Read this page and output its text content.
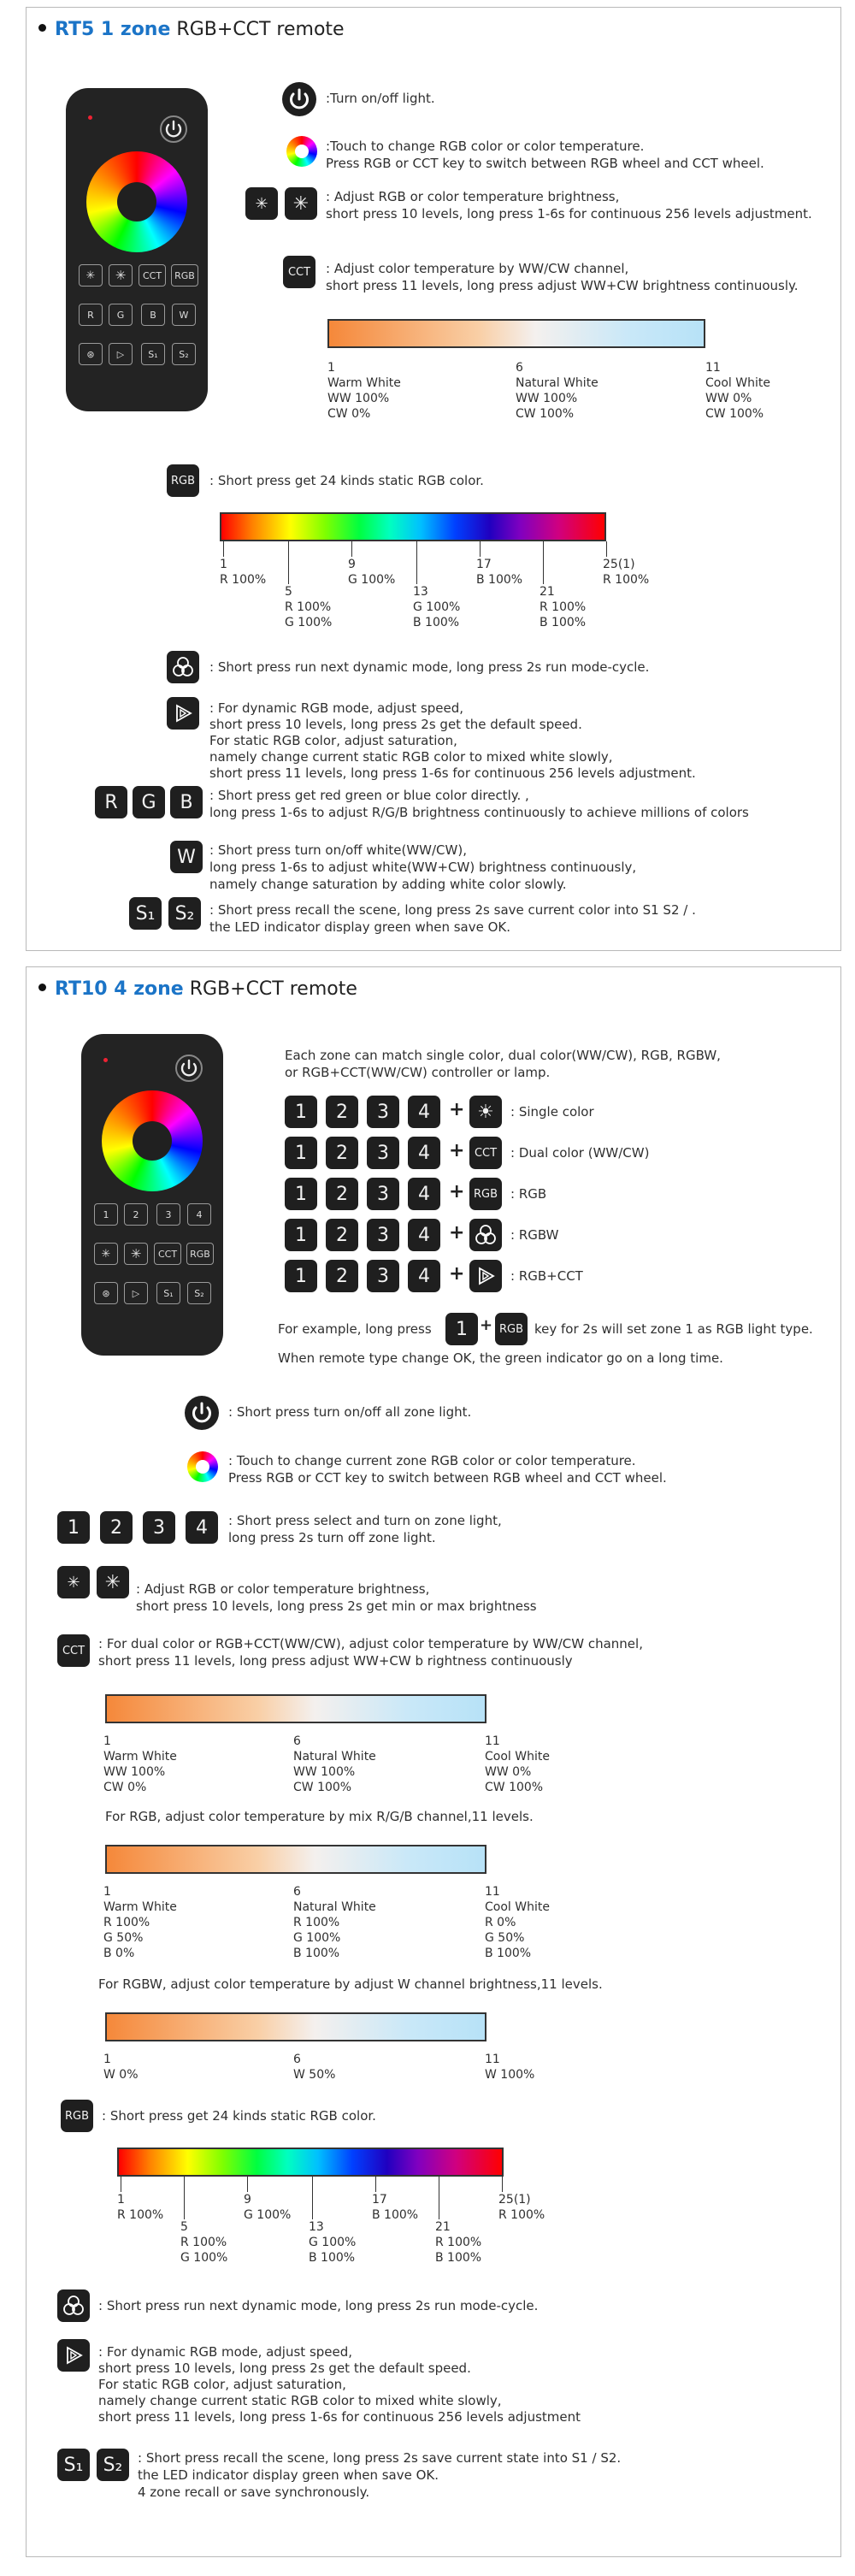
RT5 1 zone RGB+CCT remote
✳	✳	CCT	RGB
R	G	B	W
⊛	▷	S₁	S₂
:Turn on/off light.
:Touch to change RGB color or color temperature.
Press RGB or CCT key to switch between RGB wheel and CCT wheel.
✳	✳	: Adjust RGB or color temperature brightness,
short press 10 levels, long press 1-6s for continuous 256 levels adjustment.
CCT	: Adjust color temperature by WW/CW channel,
short press 11 levels, long press adjust WW+CW brightness continuously.
1
Warm White
WW 100%
CW 0%
6
Natural White
WW 100%
CW 100%
11
Cool White
WW 0%
CW 100%
RGB	: Short press get 24 kinds static RGB color.
1
R 100%
9
G 100%
17
B 100%
25(1)
R 100%
5
R 100%
G 100%
13
G 100%
B 100%
21
R 100%
B 100%
: Short press run next dynamic mode, long press 2s run mode-cycle.
: For dynamic RGB mode, adjust speed,
short press 10 levels, long press 2s get the default speed.
For static RGB color, adjust saturation,
namely change current static RGB color to mixed white slowly,
short press 11 levels, long press 1-6s for continuous 256 levels adjustment.
R	G	B	: Short press get red green or blue color directly. ,
long press 1-6s to adjust R/G/B brightness continuously to achieve millions of colors
W	: Short press turn on/off white(WW/CW),
long press 1-6s to adjust white(WW+CW) brightness continuously,
namely change saturation by adding white color slowly.
S₁	S₂	: Short press recall the scene, long press 2s save current color into S1 S2 / .
the LED indicator display green when save OK.
RT10 4 zone RGB+CCT remote
1	2	3	4
✳	✳	CCT	RGB
⊛	▷	S₁	S₂
Each zone can match single color, dual color(WW/CW), RGB, RGBW,
or RGB+CCT(WW/CW) controller or lamp.
1	2	3	4	+ ☀	: Single color
1	2	3	4	+ CCT	: Dual color (WW/CW)
1	2	3	4	+ RGB : RGB
1	2	3	4	+	: RGBW
1	2	3	4	+	: RGB+CCT
For example, long press	1 + RGB key for 2s will set zone 1 as RGB light type.
When remote type change OK, the green indicator go on a long time.
: Short press turn on/off all zone light.
: Touch to change current zone RGB color or color temperature.
Press RGB or CCT key to switch between RGB wheel and CCT wheel.
1	2	3	4	: Short press select and turn on zone light,
long press 2s turn off zone light.
✳	✳	: Adjust RGB or color temperature brightness,
short press 10 levels, long press 2s get min or max brightness
CCT	: For dual color or RGB+CCT(WW/CW), adjust color temperature by WW/CW channel,
short press 11 levels, long press adjust WW+CW b rightness continuously
1
Warm White
WW 100%
CW 0%
6
Natural White
WW 100%
CW 100%
11
Cool White
WW 0%
CW 100%
For RGB, adjust color temperature by mix R/G/B channel,11 levels.
1
Warm White
R 100%
G 50%
B 0%
6
Natural White
R 100%
G 100%
B 100%
11
Cool White
R 0%
G 50%
B 100%
For RGBW, adjust color temperature by adjust W channel brightness,11 levels.
1
W 0%
6
W 50%
11
W 100%
RGB : Short press get 24 kinds static RGB color.
1
R 100%
9
G 100%
17
B 100%
25(1)
R 100%
5
R 100%
G 100%
13
G 100%
B 100%
21
R 100%
B 100%
: Short press run next dynamic mode, long press 2s run mode-cycle.
: For dynamic RGB mode, adjust speed,
short press 10 levels, long press 2s get the default speed.
For static RGB color, adjust saturation,
namely change current static RGB color to mixed white slowly,
short press 11 levels, long press 1-6s for continuous 256 levels adjustment
S₁	S₂	: Short press recall the scene, long press 2s save current state into S1 / S2.
the LED indicator display green when save OK.
4 zone recall or save synchronously.
